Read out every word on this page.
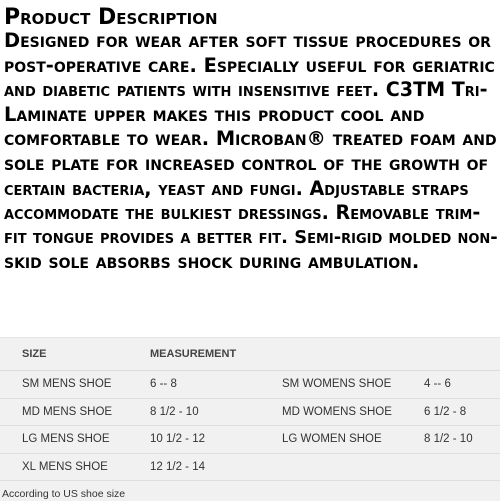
Product Description
Designed for wear after soft tissue procedures or
post-operative care. Especially useful for geriatric
and diabetic patients with insensitive feet. C3TM Tri-
Laminate upper makes this product cool and
comfortable to wear. Microban® treated foam and
sole plate for increased control of the growth of
certain bacteria, yeast and fungi. Adjustable straps
accommodate the bulkiest dressings. Removable trim-
fit tongue provides a better fit. Semi-rigid molded non-
skid sole absorbs shock during ambulation.
SIZE	MEASUREMENT		
SM MENS SHOE	6 -- 8	SM WOMENS SHOE	4 -- 6
MD MENS SHOE	8 1/2 - 10	MD WOMENS SHOE	6 1/2 - 8
LG MENS SHOE	10 1/2 - 12	LG WOMEN SHOE	8 1/2 - 10
XL MENS SHOE	12 1/2 - 14		
According to US shoe size
